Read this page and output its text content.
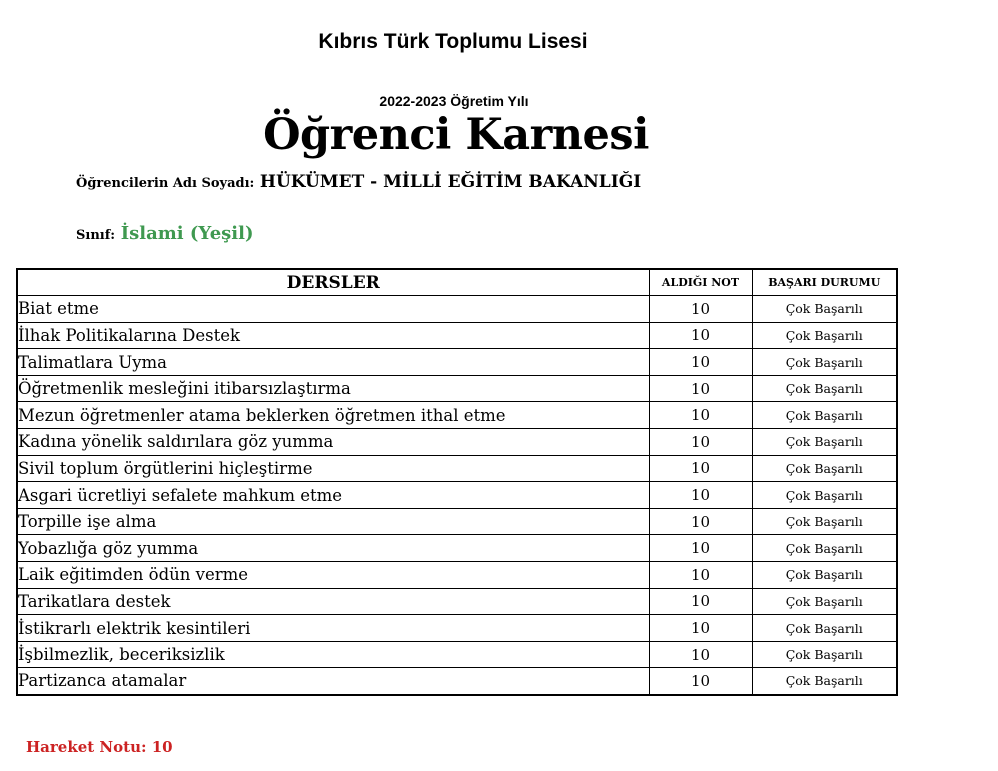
Kıbrıs Türk Toplumu Lisesi
2022-2023 Öğretim Yılı
Öğrenci Karnesi
Öğrencilerin Adı Soyadı: HÜKÜMET - MİLLİ EĞİTİM BAKANLIĞI
Sınıf: İslami (Yeşil)
DERSLER	ALDIĞI NOT	BAŞARI DURUMU
Biat etme	10	Çok Başarılı
İlhak Politikalarına Destek	10	Çok Başarılı
Talimatlara Uyma	10	Çok Başarılı
Öğretmenlik mesleğini itibarsızlaştırma	10	Çok Başarılı
Mezun öğretmenler atama beklerken öğretmen ithal etme	10	Çok Başarılı
Kadına yönelik saldırılara göz yumma	10	Çok Başarılı
Sivil toplum örgütlerini hiçleştirme	10	Çok Başarılı
Asgari ücretliyi sefalete mahkum etme	10	Çok Başarılı
Torpille işe alma	10	Çok Başarılı
Yobazlığa göz yumma	10	Çok Başarılı
Laik eğitimden ödün verme	10	Çok Başarılı
Tarikatlara destek	10	Çok Başarılı
İstikrarlı elektrik kesintileri	10	Çok Başarılı
İşbilmezlik, beceriksizlik	10	Çok Başarılı
Partizanca atamalar	10	Çok Başarılı
Hareket Notu: 10
